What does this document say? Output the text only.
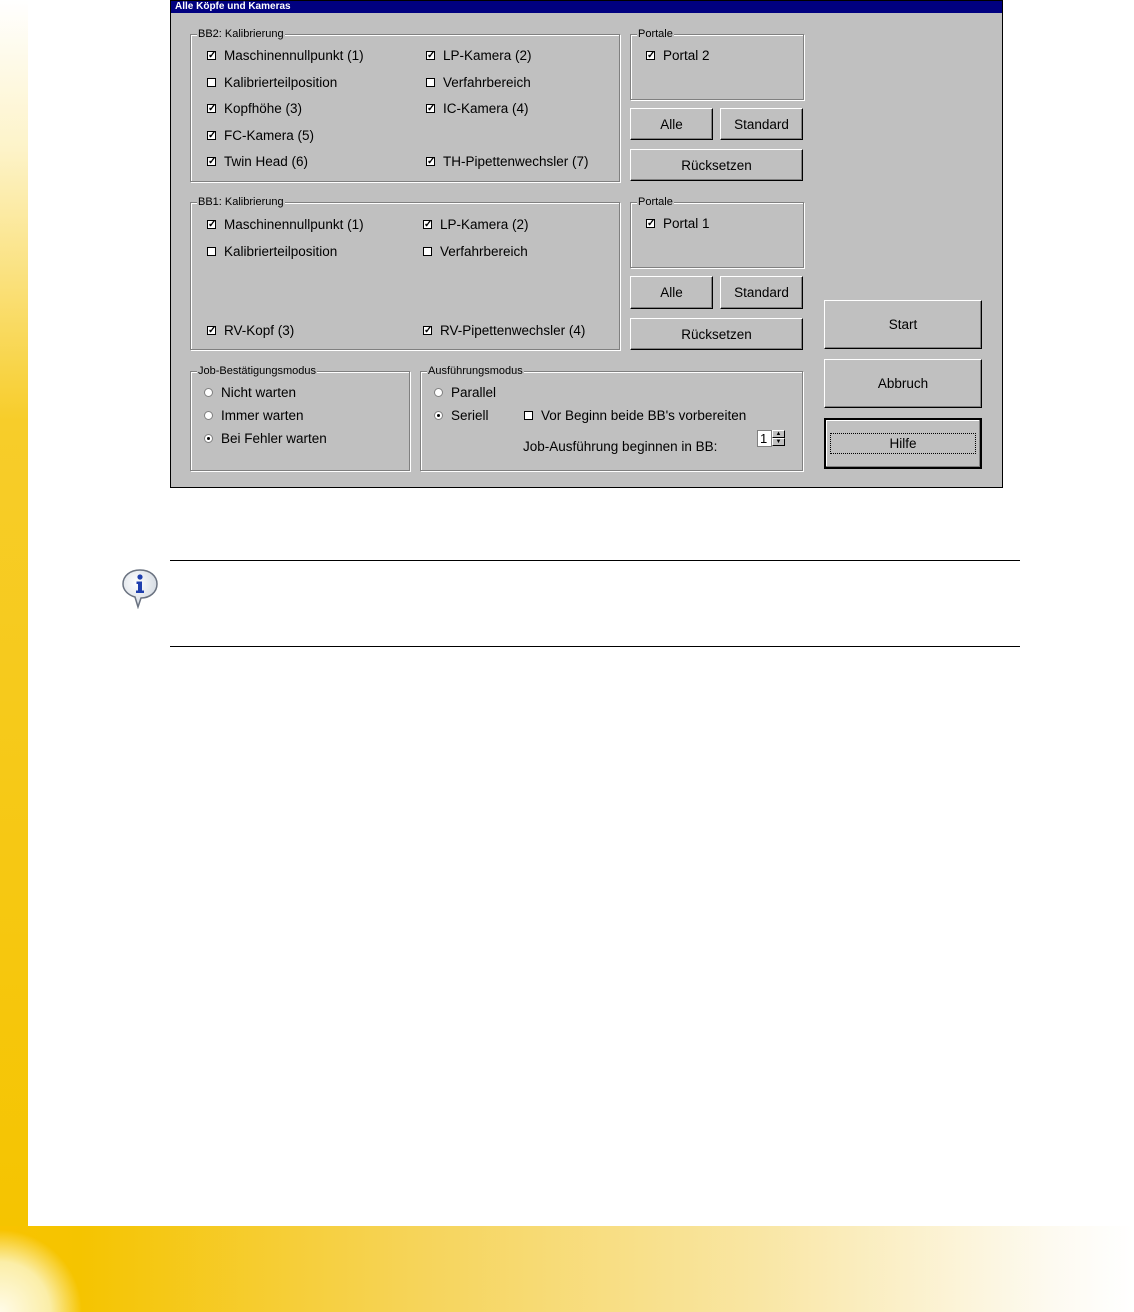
Alle Köpfe und Kameras
BB2: Kalibrierung
✓ Maschinennullpunkt (1)	✓ LP-Kamera (2)
Kalibrierteilposition	Verfahrbereich
✓ Kopfhöhe (3)	✓ IC-Kamera (4)
✓ FC-Kamera (5)
✓ Twin Head (6)	✓ TH-Pipettenwechsler (7)
Portale
✓ Portal 2
Alle	Standard
Rücksetzen
BB1: Kalibrierung
✓ Maschinennullpunkt (1)	✓ LP-Kamera (2)
Kalibrierteilposition	Verfahrbereich
✓ RV-Kopf (3)	✓ RV-Pipettenwechsler (4)
Portale
✓ Portal 1
Alle	Standard
Rücksetzen
Job-Bestätigungsmodus
Nicht warten
Immer warten
Bei Fehler warten
Ausführungsmodus
Parallel
Seriell	Vor Beginn beide BB's vorbereiten
Job-Ausführung beginnen in BB:
1	▲
▼
Start
Abbruch
Hilfe
